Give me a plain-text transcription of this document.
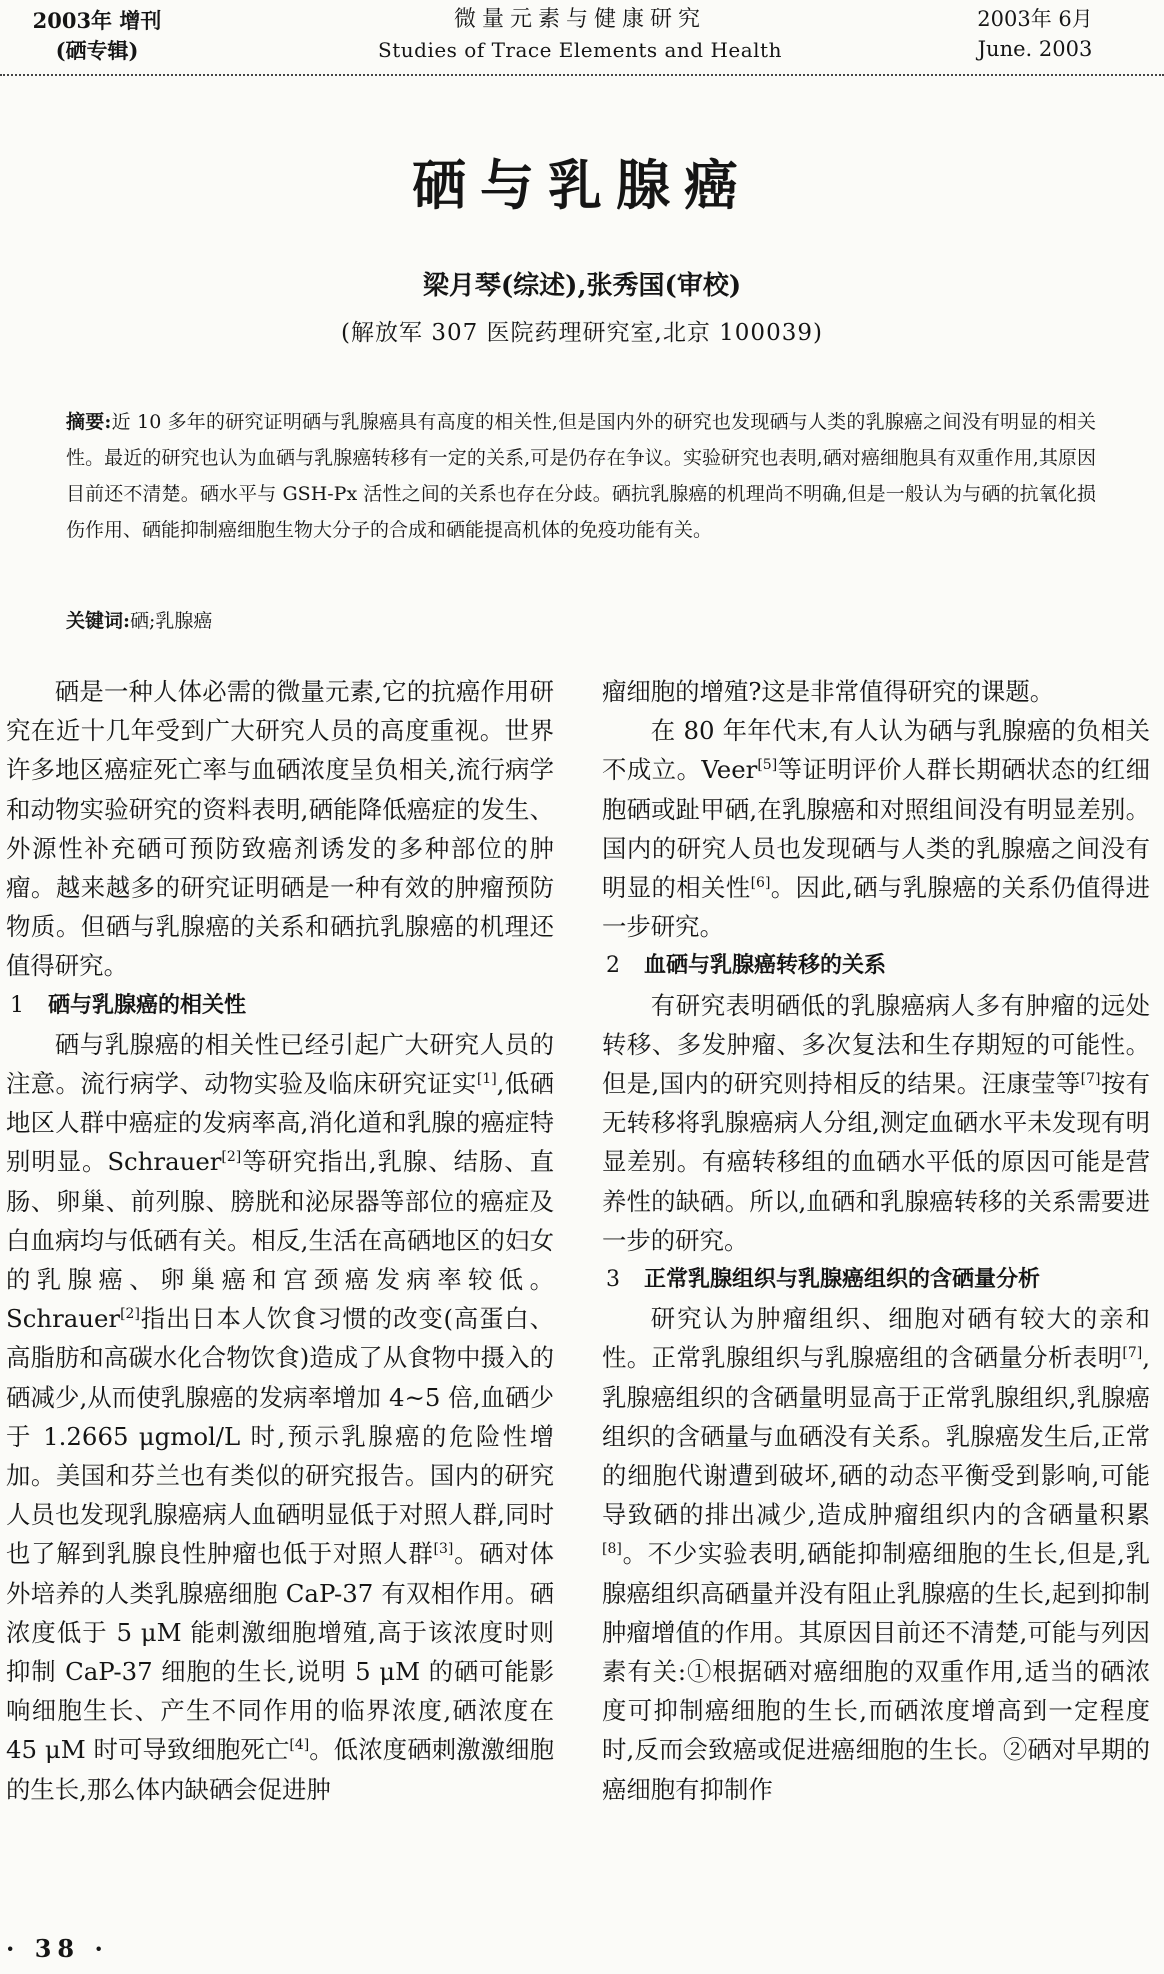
2003年 增刊
(硒专辑)
微量元素与健康研究
Studies of Trace Elements and Health
2003年 6月
June. 2003
硒与乳腺癌
梁月琴(综述),张秀国(审校)
(解放军 307 医院药理研究室,北京 100039)
摘要:近 10 多年的研究证明硒与乳腺癌具有高度的相关性,但是国内外的研究也发现硒与人类的乳腺癌之间没有明显的相关性。最近的研究也认为血硒与乳腺癌转移有一定的关系,可是仍存在争议。实验研究也表明,硒对癌细胞具有双重作用,其原因目前还不清楚。硒水平与 GSH-Px 活性之间的关系也存在分歧。硒抗乳腺癌的机理尚不明确,但是一般认为与硒的抗氧化损伤作用、硒能抑制癌细胞生物大分子的合成和硒能提高机体的免疫功能有关。
关键词:硒;乳腺癌

硒是一种人体必需的微量元素,它的抗癌作用研究在近十几年受到广大研究人员的高度重视。世界许多地区癌症死亡率与血硒浓度呈负相关,流行病学和动物实验研究的资料表明,硒能降低癌症的发生、外源性补充硒可预防致癌剂诱发的多种部位的肿瘤。越来越多的研究证明硒是一种有效的肿瘤预防物质。但硒与乳腺癌的关系和硒抗乳腺癌的机理还值得研究。

1 硒与乳腺癌的相关性

硒与乳腺癌的相关性已经引起广大研究人员的注意。流行病学、动物实验及临床研究证实[1],低硒地区人群中癌症的发病率高,消化道和乳腺的癌症特别明显。Schrauer[2]等研究指出,乳腺、结肠、直肠、卵巢、前列腺、膀胱和泌尿器等部位的癌症及白血病均与低硒有关。相反,生活在高硒地区的妇女的乳腺癌、卵巢癌和宫颈癌发病率较低。Schrauer[2]指出日本人饮食习惯的改变(高蛋白、高脂肪和高碳水化合物饮食)造成了从食物中摄入的硒减少,从而使乳腺癌的发病率增加 4~5 倍,血硒少于 1.2665 μgmol/L 时,预示乳腺癌的危险性增加。美国和芬兰也有类似的研究报告。国内的研究人员也发现乳腺癌病人血硒明显低于对照人群,同时也了解到乳腺良性肿瘤也低于对照人群[3]。硒对体外培养的人类乳腺癌细胞 CaP-37 有双相作用。硒浓度低于 5 μM 能刺激细胞增殖,高于该浓度时则抑制 CaP-37 细胞的生长,说明 5 μM 的硒可能影响细胞生长、产生不同作用的临界浓度,硒浓度在 45 μM 时可导致细胞死亡[4]。低浓度硒刺激激细胞的生长,那么体内缺硒会促进肿

瘤细胞的增殖?这是非常值得研究的课题。

在 80 年年代末,有人认为硒与乳腺癌的负相关不成立。Veer[5]等证明评价人群长期硒状态的红细胞硒或趾甲硒,在乳腺癌和对照组间没有明显差别。国内的研究人员也发现硒与人类的乳腺癌之间没有明显的相关性[6]。因此,硒与乳腺癌的关系仍值得进一步研究。

2 血硒与乳腺癌转移的关系

有研究表明硒低的乳腺癌病人多有肿瘤的远处转移、多发肿瘤、多次复法和生存期短的可能性。但是,国内的研究则持相反的结果。汪康莹等[7]按有无转移将乳腺癌病人分组,测定血硒水平未发现有明显差别。有癌转移组的血硒水平低的原因可能是营养性的缺硒。所以,血硒和乳腺癌转移的关系需要进一步的研究。

3 正常乳腺组织与乳腺癌组织的含硒量分析

研究认为肿瘤组织、细胞对硒有较大的亲和性。正常乳腺组织与乳腺癌组的含硒量分析表明[7],乳腺癌组织的含硒量明显高于正常乳腺组织,乳腺癌组织的含硒量与血硒没有关系。乳腺癌发生后,正常的细胞代谢遭到破坏,硒的动态平衡受到影响,可能导致硒的排出减少,造成肿瘤组织内的含硒量积累[8]。不少实验表明,硒能抑制癌细胞的生长,但是,乳腺癌组织高硒量并没有阻止乳腺癌的生长,起到抑制肿瘤增值的作用。其原因目前还不清楚,可能与列因素有关:①根据硒对癌细胞的双重作用,适当的硒浓度可抑制癌细胞的生长,而硒浓度增高到一定程度时,反而会致癌或促进癌细胞的生长。②硒对早期的癌细胞有抑制作

· 38 ·
